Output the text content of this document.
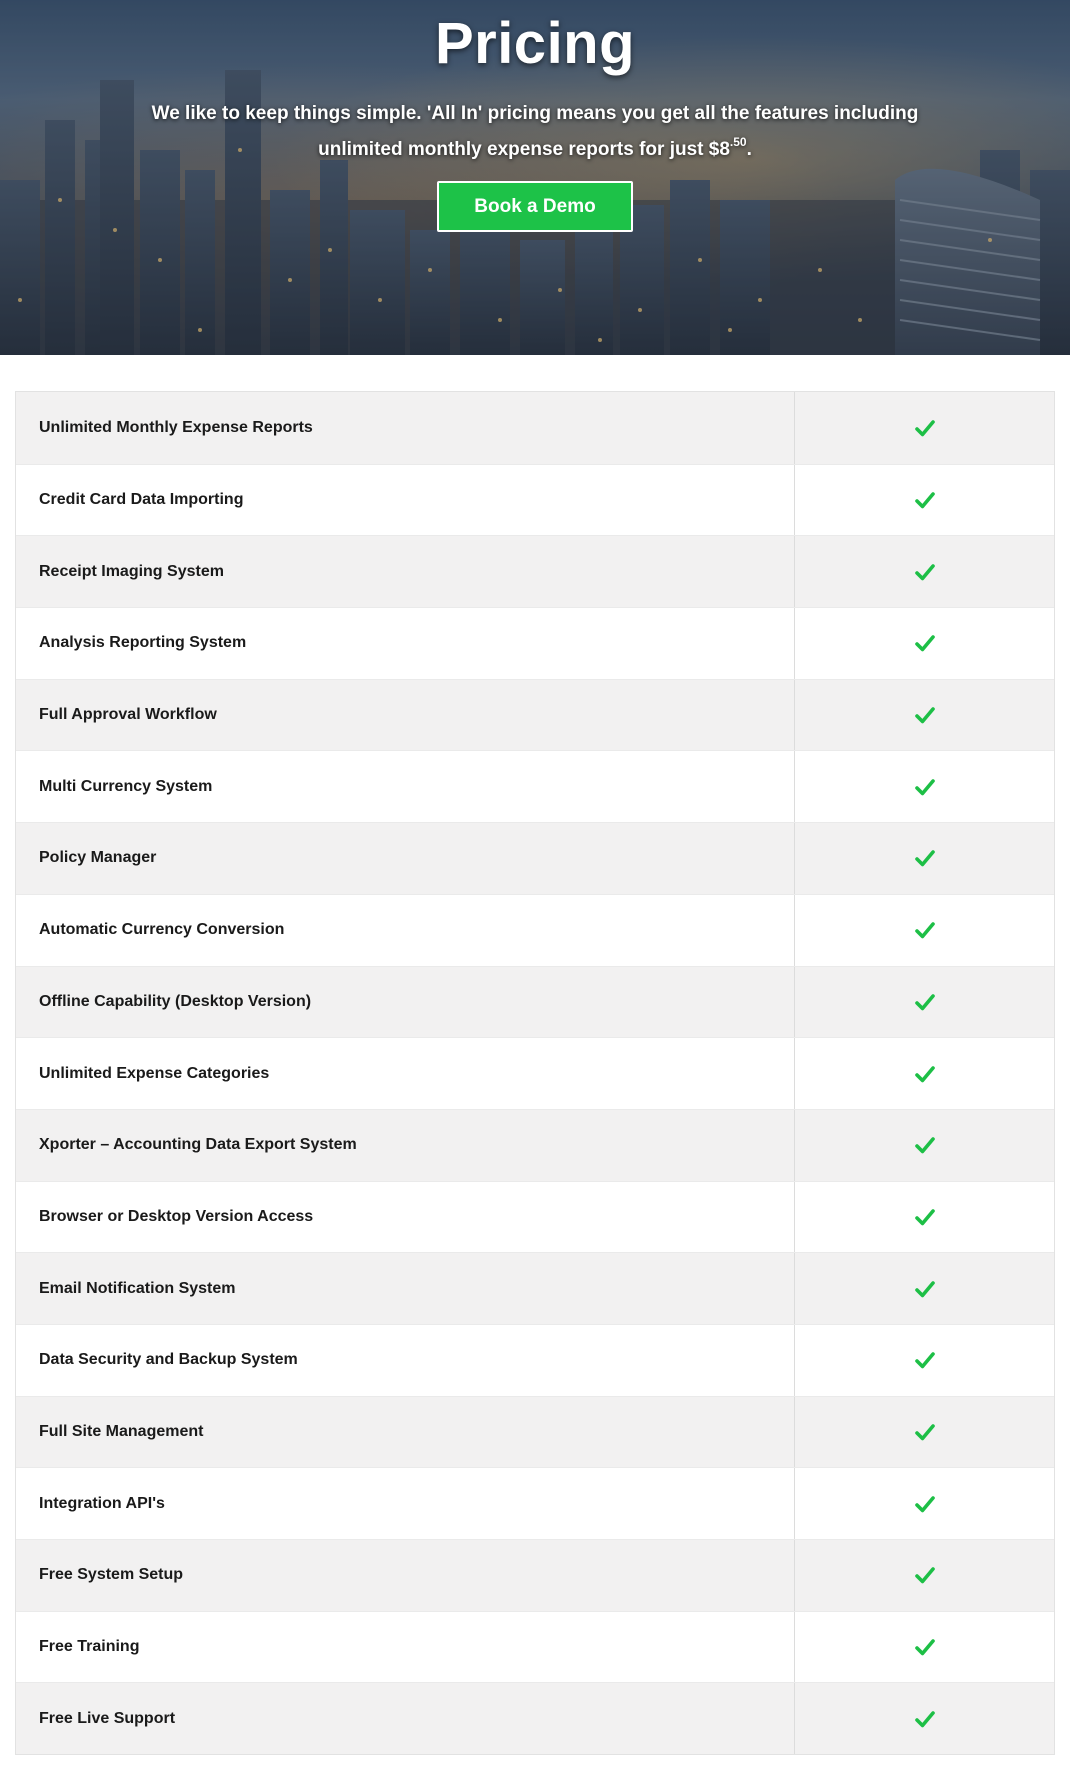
Pricing

We like to keep things simple. 'All In' pricing means you get all the features including
unlimited monthly expense reports for just $\$8^{.50}$.

Book a Demo
Unlimited Monthly Expense Reports
Credit Card Data Importing
Receipt Imaging System
Analysis Reporting System
Full Approval Workflow
Multi Currency System
Policy Manager
Automatic Currency Conversion
Offline Capability (Desktop Version)
Unlimited Expense Categories
Xporter – Accounting Data Export System
Browser or Desktop Version Access
Email Notification System
Data Security and Backup System
Full Site Management
Integration API's
Free System Setup
Free Training
Free Live Support
